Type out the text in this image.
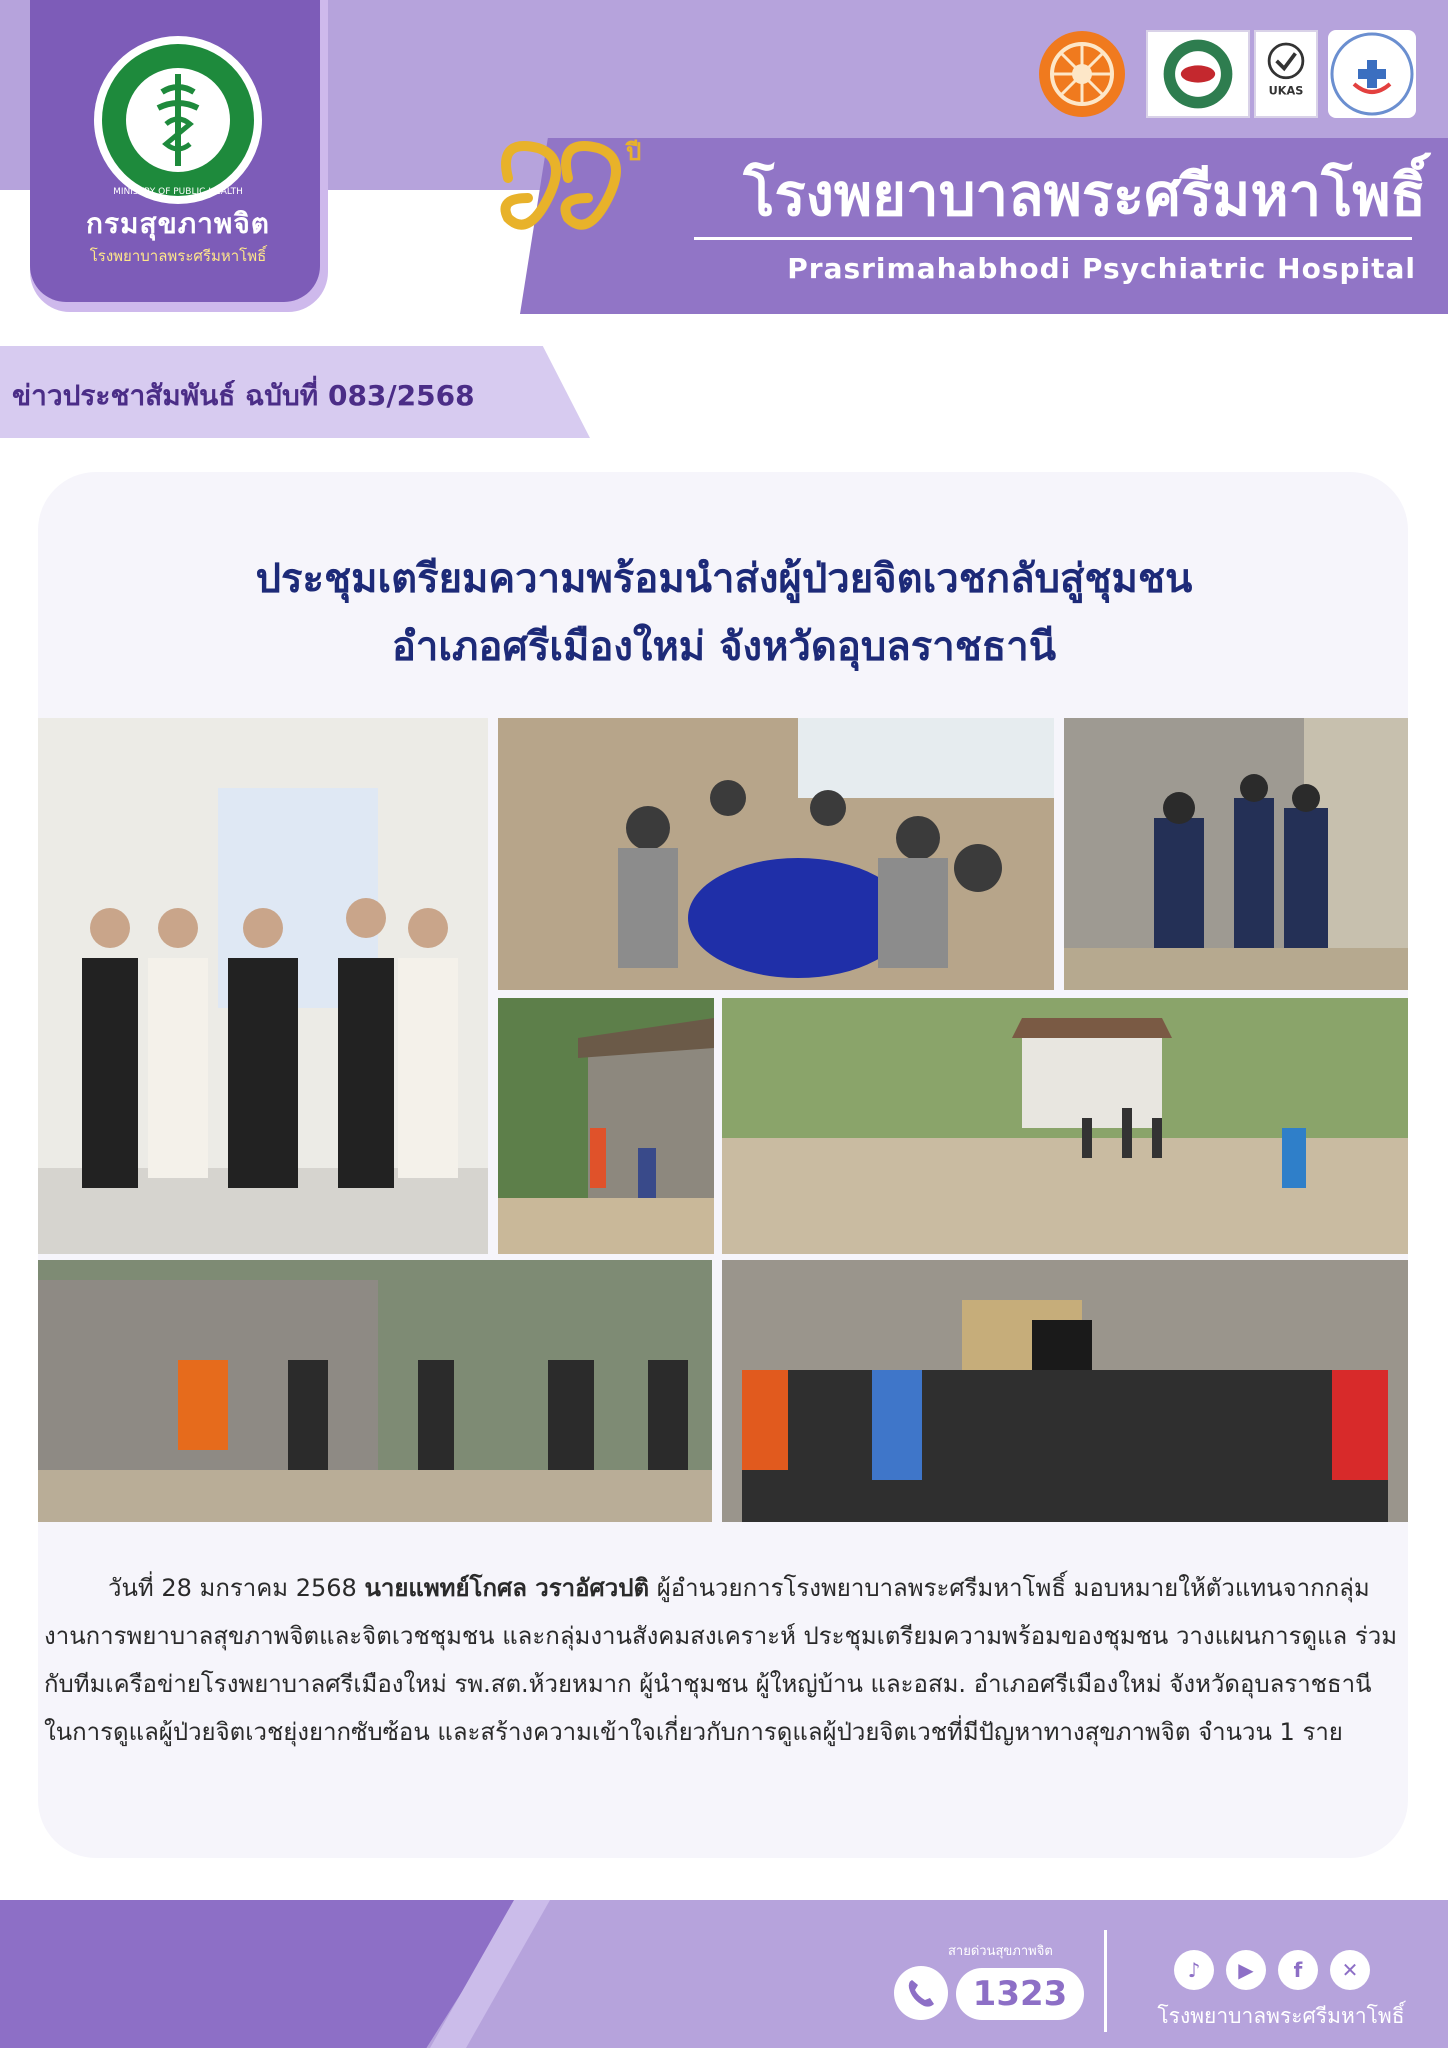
MINISTRY OF PUBLIC HEALTH
กรมสุขภาพจิต
โรงพยาบาลพระศรีมหาโพธิ์
UKAS
ปี
โรงพยาบาลพระศรีมหาโพธิ์
Prasrimahabhodi Psychiatric Hospital
ข่าวประชาสัมพันธ์ ฉบับที่ 083/2568
ประชุมเตรียมความพร้อมนำส่งผู้ป่วยจิตเวชกลับสู่ชุมชน
อำเภอศรีเมืองใหม่ จังหวัดอุบลราชธานี
วันที่ 28 มกราคม 2568 นายแพทย์โกศล วราอัศวปติ ผู้อำนวยการโรงพยาบาลพระศรีมหาโพธิ์ มอบหมายให้ตัวแทนจากกลุ่มงานการพยาบาลสุขภาพจิตและจิตเวชชุมชน และกลุ่มงานสังคมสงเคราะห์ ประชุมเตรียมความพร้อมของชุมชน วางแผนการดูแล ร่วมกับทีมเครือข่ายโรงพยาบาลศรีเมืองใหม่ รพ.สต.ห้วยหมาก ผู้นำชุมชน ผู้ใหญ่บ้าน และอสม. อำเภอศรีเมืองใหม่ จังหวัดอุบลราชธานี ในการดูแลผู้ป่วยจิตเวชยุ่งยากซับซ้อน และสร้างความเข้าใจเกี่ยวกับการดูแลผู้ป่วยจิตเวชที่มีปัญหาทางสุขภาพจิต จำนวน 1 ราย
สายด่วนสุขภาพจิต
1323
♪	▶	f	✕
โรงพยาบาลพระศรีมหาโพธิ์
